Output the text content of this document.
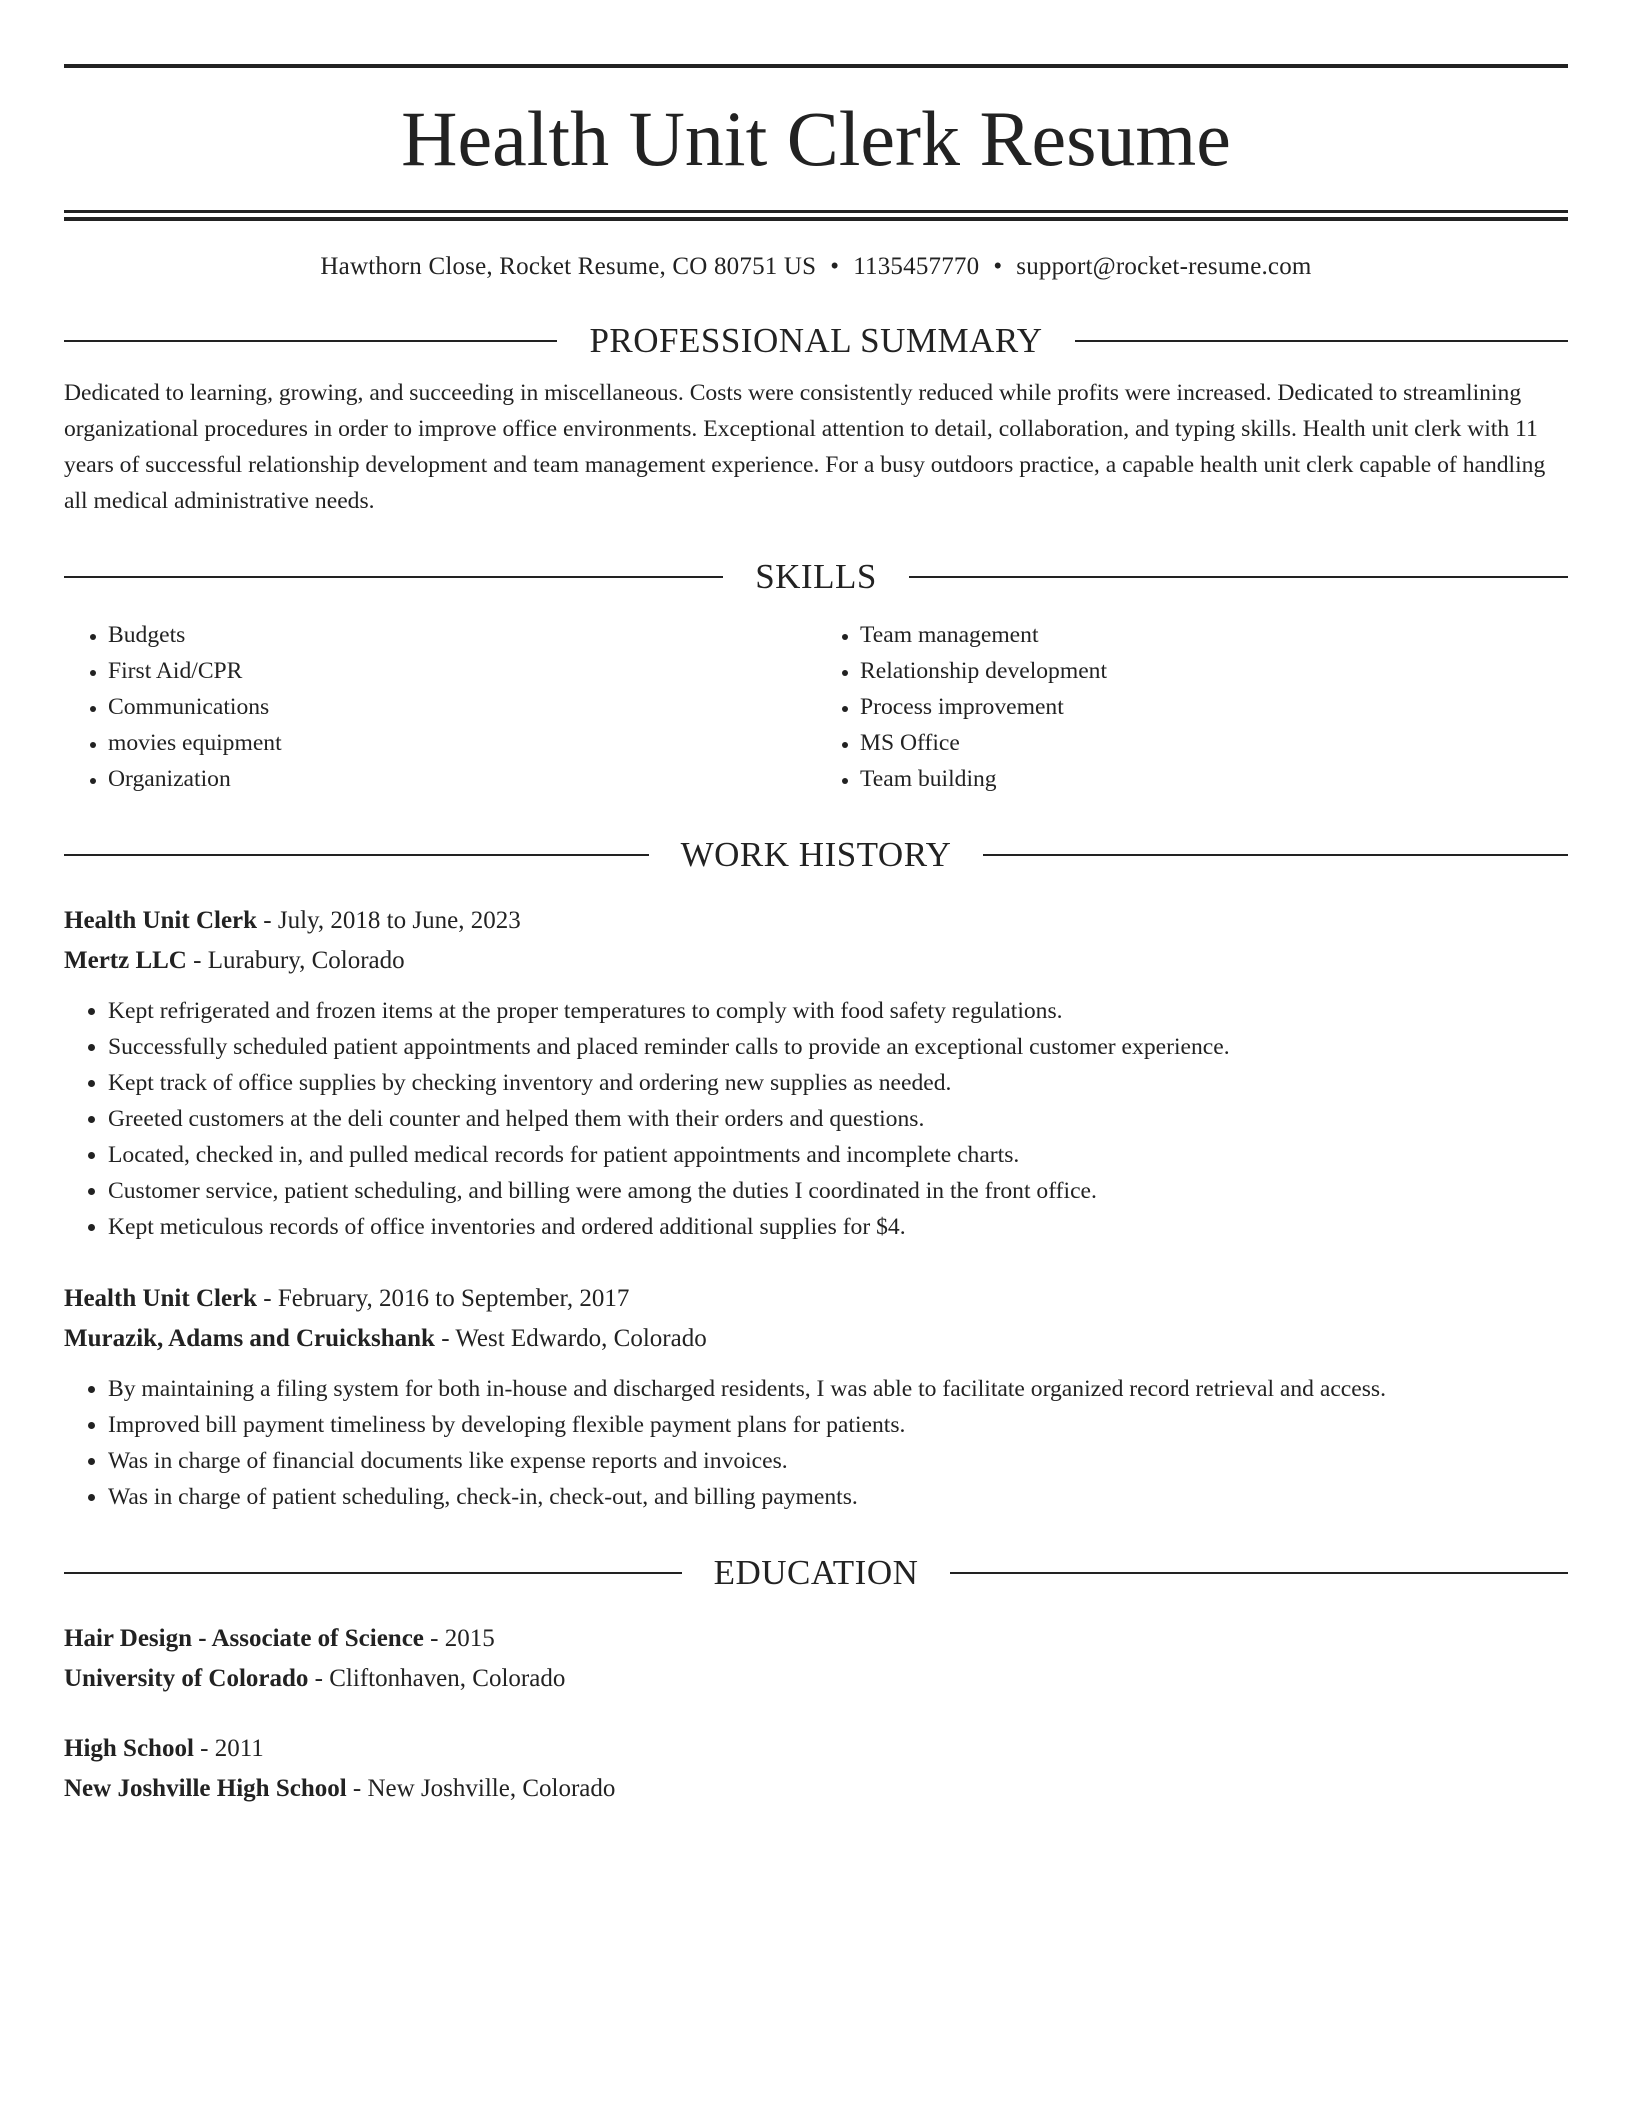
Health Unit Clerk Resume
Hawthorn Close, Rocket Resume, CO 80751 US • 1135457770 • support@rocket-resume.com
PROFESSIONAL SUMMARY
Dedicated to learning, growing, and succeeding in miscellaneous. Costs were consistently reduced while profits were increased. Dedicated to streamlining organizational procedures in order to improve office environments. Exceptional attention to detail, collaboration, and typing skills. Health unit clerk with 11 years of successful relationship development and team management experience. For a busy outdoors practice, a capable health unit clerk capable of handling all medical administrative needs.
SKILLS
• Budgets
• First Aid/CPR
• Communications
• movies equipment
• Organization
• Team management
• Relationship development
• Process improvement
• MS Office
• Team building
WORK HISTORY
Health Unit Clerk - July, 2018 to June, 2023
Mertz LLC - Lurabury, Colorado
• Kept refrigerated and frozen items at the proper temperatures to comply with food safety regulations.
• Successfully scheduled patient appointments and placed reminder calls to provide an exceptional customer experience.
• Kept track of office supplies by checking inventory and ordering new supplies as needed.
• Greeted customers at the deli counter and helped them with their orders and questions.
• Located, checked in, and pulled medical records for patient appointments and incomplete charts.
• Customer service, patient scheduling, and billing were among the duties I coordinated in the front office.
• Kept meticulous records of office inventories and ordered additional supplies for $4.
Health Unit Clerk - February, 2016 to September, 2017
Murazik, Adams and Cruickshank - West Edwardo, Colorado
• By maintaining a filing system for both in-house and discharged residents, I was able to facilitate organized record retrieval and access.
• Improved bill payment timeliness by developing flexible payment plans for patients.
• Was in charge of financial documents like expense reports and invoices.
• Was in charge of patient scheduling, check-in, check-out, and billing payments.
EDUCATION
Hair Design - Associate of Science - 2015
University of Colorado - Cliftonhaven, Colorado
High School - 2011
New Joshville High School - New Joshville, Colorado
